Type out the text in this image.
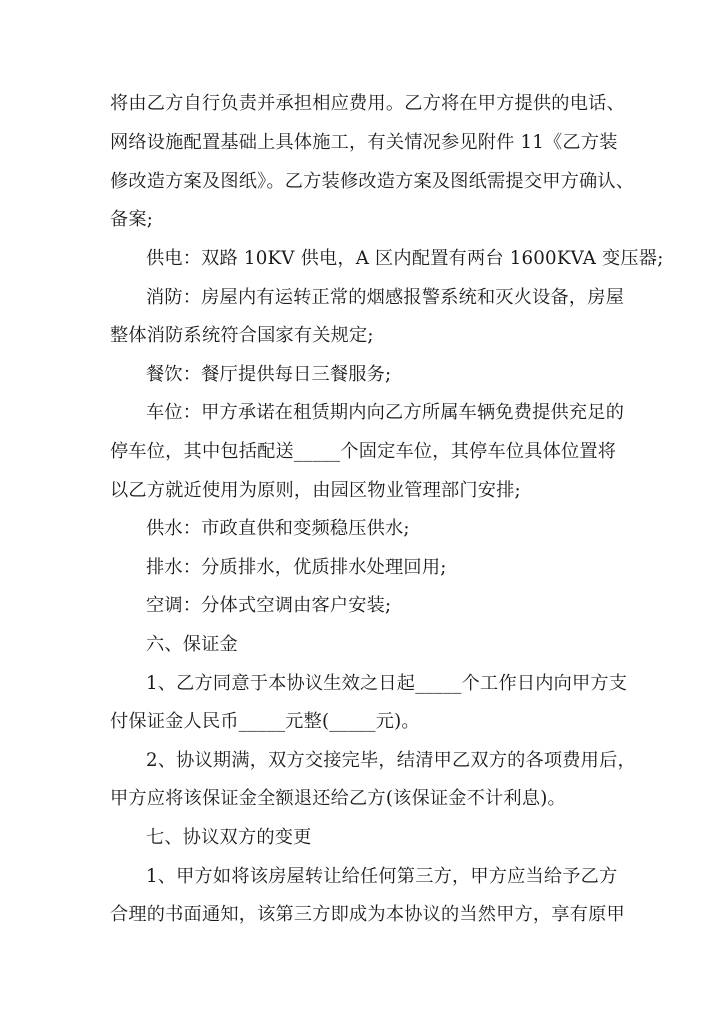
将由乙方自行负责并承担相应费用。乙方将在甲方提供的电话、
网络设施配置基础上具体施工，有关情况参见附件 11《乙方装
修改造方案及图纸》。乙方装修改造方案及图纸需提交甲方确认、
备案;
供电：双路 10KV 供电，A 区内配置有两台 1600KVA 变压器;
消防：房屋内有运转正常的烟感报警系统和灭火设备，房屋
整体消防系统符合国家有关规定;
餐饮：餐厅提供每日三餐服务;
车位：甲方承诺在租赁期内向乙方所属车辆免费提供充足的
停车位，其中包括配送_____个固定车位，其停车位具体位置将
以乙方就近使用为原则，由园区物业管理部门安排;
供水：市政直供和变频稳压供水;
排水：分质排水，优质排水处理回用;
空调：分体式空调由客户安装;
六、保证金
1、乙方同意于本协议生效之日起_____个工作日内向甲方支
付保证金人民币_____元整(_____元)。
2、协议期满，双方交接完毕，结清甲乙双方的各项费用后，
甲方应将该保证金全额退还给乙方(该保证金不计利息)。
七、协议双方的变更
1、甲方如将该房屋转让给任何第三方，甲方应当给予乙方
合理的书面通知，该第三方即成为本协议的当然甲方，享有原甲
